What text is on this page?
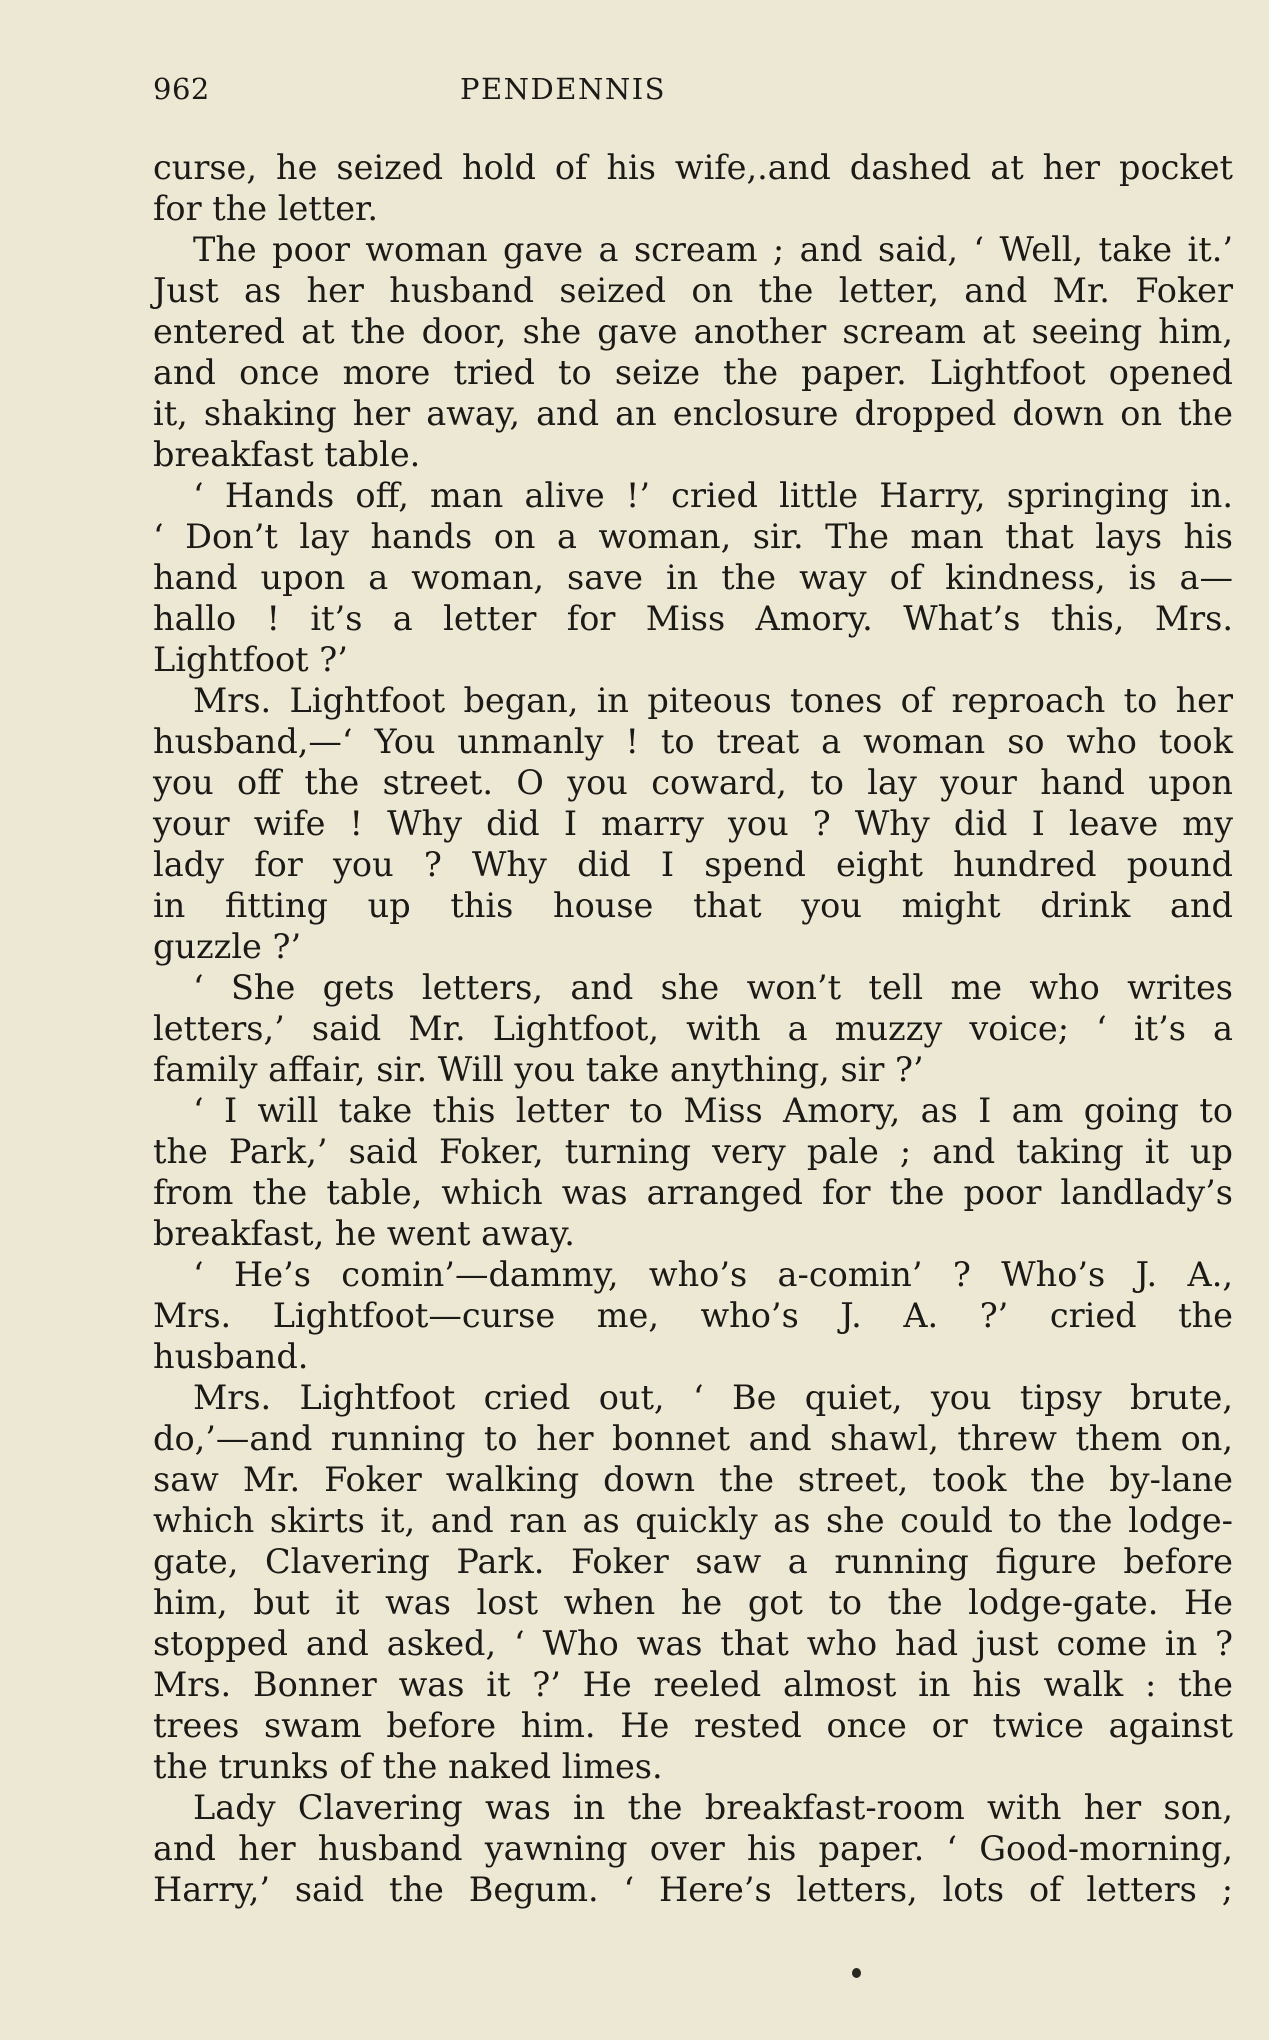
962	PENDENNIS
curse, he seized hold of his wife,.and dashed at her pocket
for the letter.
The poor woman gave a scream ; and said, ‘ Well, take it.’
Just as her husband seized on the letter, and Mr. Foker
entered at the door, she gave another scream at seeing him,
and once more tried to seize the paper. Lightfoot opened
it, shaking her away, and an enclosure dropped down on the
breakfast table.
‘ Hands off, man alive !’ cried little Harry, springing in.
‘ Don’t lay hands on a woman, sir. The man that lays his
hand upon a woman, save in the way of kindness, is a—
hallo ! it’s a letter for Miss Amory. What’s this, Mrs.
Lightfoot ?’
Mrs. Lightfoot began, in piteous tones of reproach to her
husband,—‘ You unmanly ! to treat a woman so who took
you off the street. O you coward, to lay your hand upon
your wife ! Why did I marry you ? Why did I leave my
lady for you ? Why did I spend eight hundred pound
in fitting up this house that you might drink and
guzzle ?’
‘ She gets letters, and she won’t tell me who writes
letters,’ said Mr. Lightfoot, with a muzzy voice; ‘ it’s a
family affair, sir. Will you take anything, sir ?’
‘ I will take this letter to Miss Amory, as I am going to
the Park,’ said Foker, turning very pale ; and taking it up
from the table, which was arranged for the poor landlady’s
breakfast, he went away.
‘ He’s comin’—dammy, who’s a-comin’ ? Who’s J. A.,
Mrs. Lightfoot—curse me, who’s J. A. ?’ cried the
husband.
Mrs. Lightfoot cried out, ‘ Be quiet, you tipsy brute,
do,’—and running to her bonnet and shawl, threw them on,
saw Mr. Foker walking down the street, took the by-lane
which skirts it, and ran as quickly as she could to the lodge-
gate, Clavering Park. Foker saw a running figure before
him, but it was lost when he got to the lodge-gate. He
stopped and asked, ‘ Who was that who had just come in ?
Mrs. Bonner was it ?’ He reeled almost in his walk : the
trees swam before him. He rested once or twice against
the trunks of the naked limes.
Lady Clavering was in the breakfast-room with her son,
and her husband yawning over his paper. ‘ Good-morning,
Harry,’ said the Begum. ‘ Here’s letters, lots of letters ;
